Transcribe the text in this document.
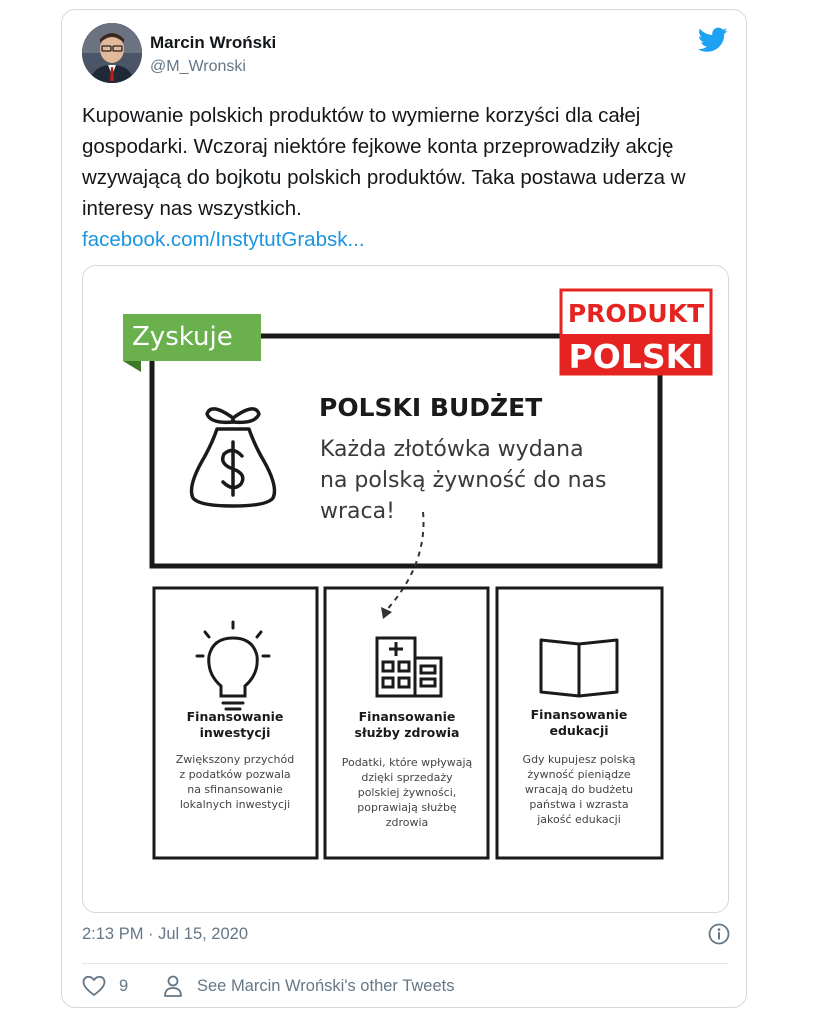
Marcin Wroński
@M_Wronski

Kupowanie polskich produktów to wymierne korzyści dla całej gospodarki. Wczoraj niektóre fejkowe konta przeprowadziły akcję wzywającą do bojkotu polskich produktów. Taka postawa uderza w interesy nas wszystkich.
facebook.com/InstytutGrabsk...

Zyskuje
PRODUKT
POLSKI
POLSKI BUDŻET
Każda złotówka wydana
na polską żywność do nas
wraca!
Finansowanie
inwestycji
Finansowanie
służby zdrowia
Finansowanie
edukacji
Zwiększony przychód
z podatków pozwala
na sfinansowanie
lokalnych inwestycji
Podatki, które wpływają
dzięki sprzedaży
polskiej żywności,
poprawiają służbę
zdrowia
Gdy kupujesz polską
żywność pieniądze
wracają do budżetu
państwa i wzrasta
jakość edukacji
2:13 PM · Jul 15, 2020
9	See Marcin Wroński's other Tweets
